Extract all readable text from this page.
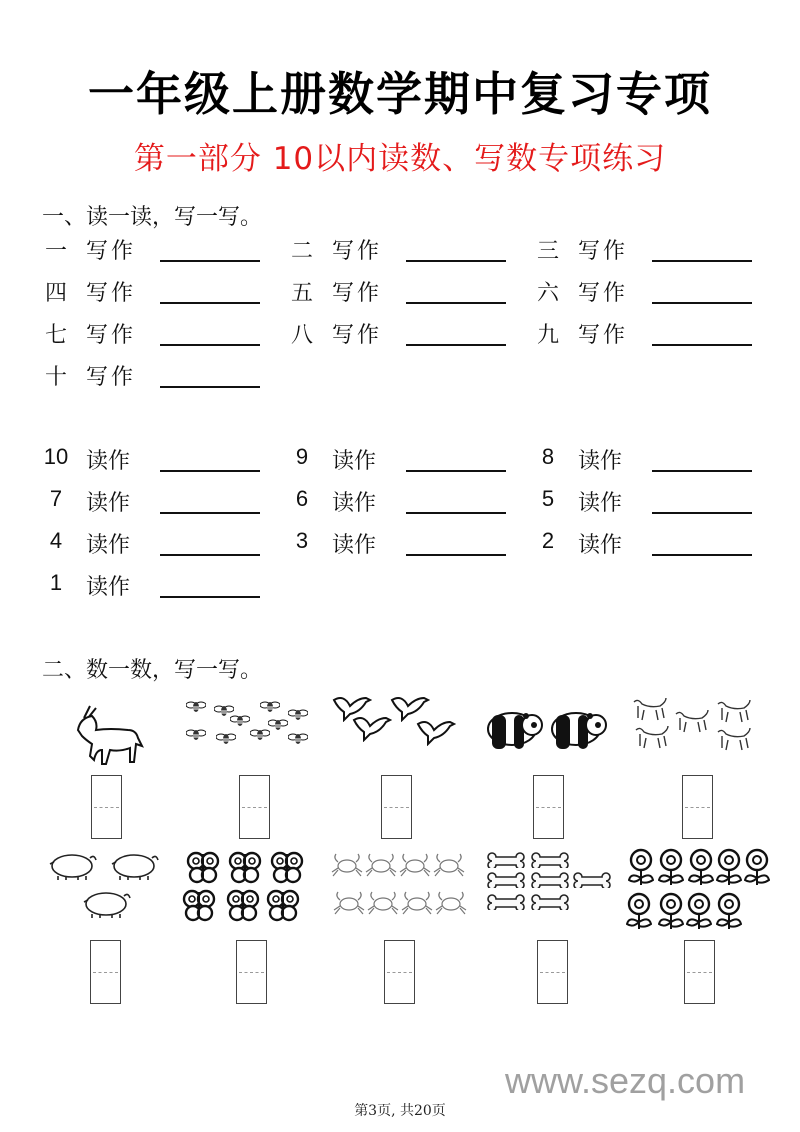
一年级上册数学期中复习专项
第一部分 10以内读数、写数专项练习
一、读一读，写一写。
一 写作	二 写作	三 写作
四 写作	五 写作	六 写作
七 写作	八 写作	九 写作
十 写作
10 读作	9	读作	8	读作
7	读作	6	读作	5	读作
4	读作	3	读作	2	读作
1	读作
二、数一数，写一写。
www.sezq.com
第3页, 共20页
